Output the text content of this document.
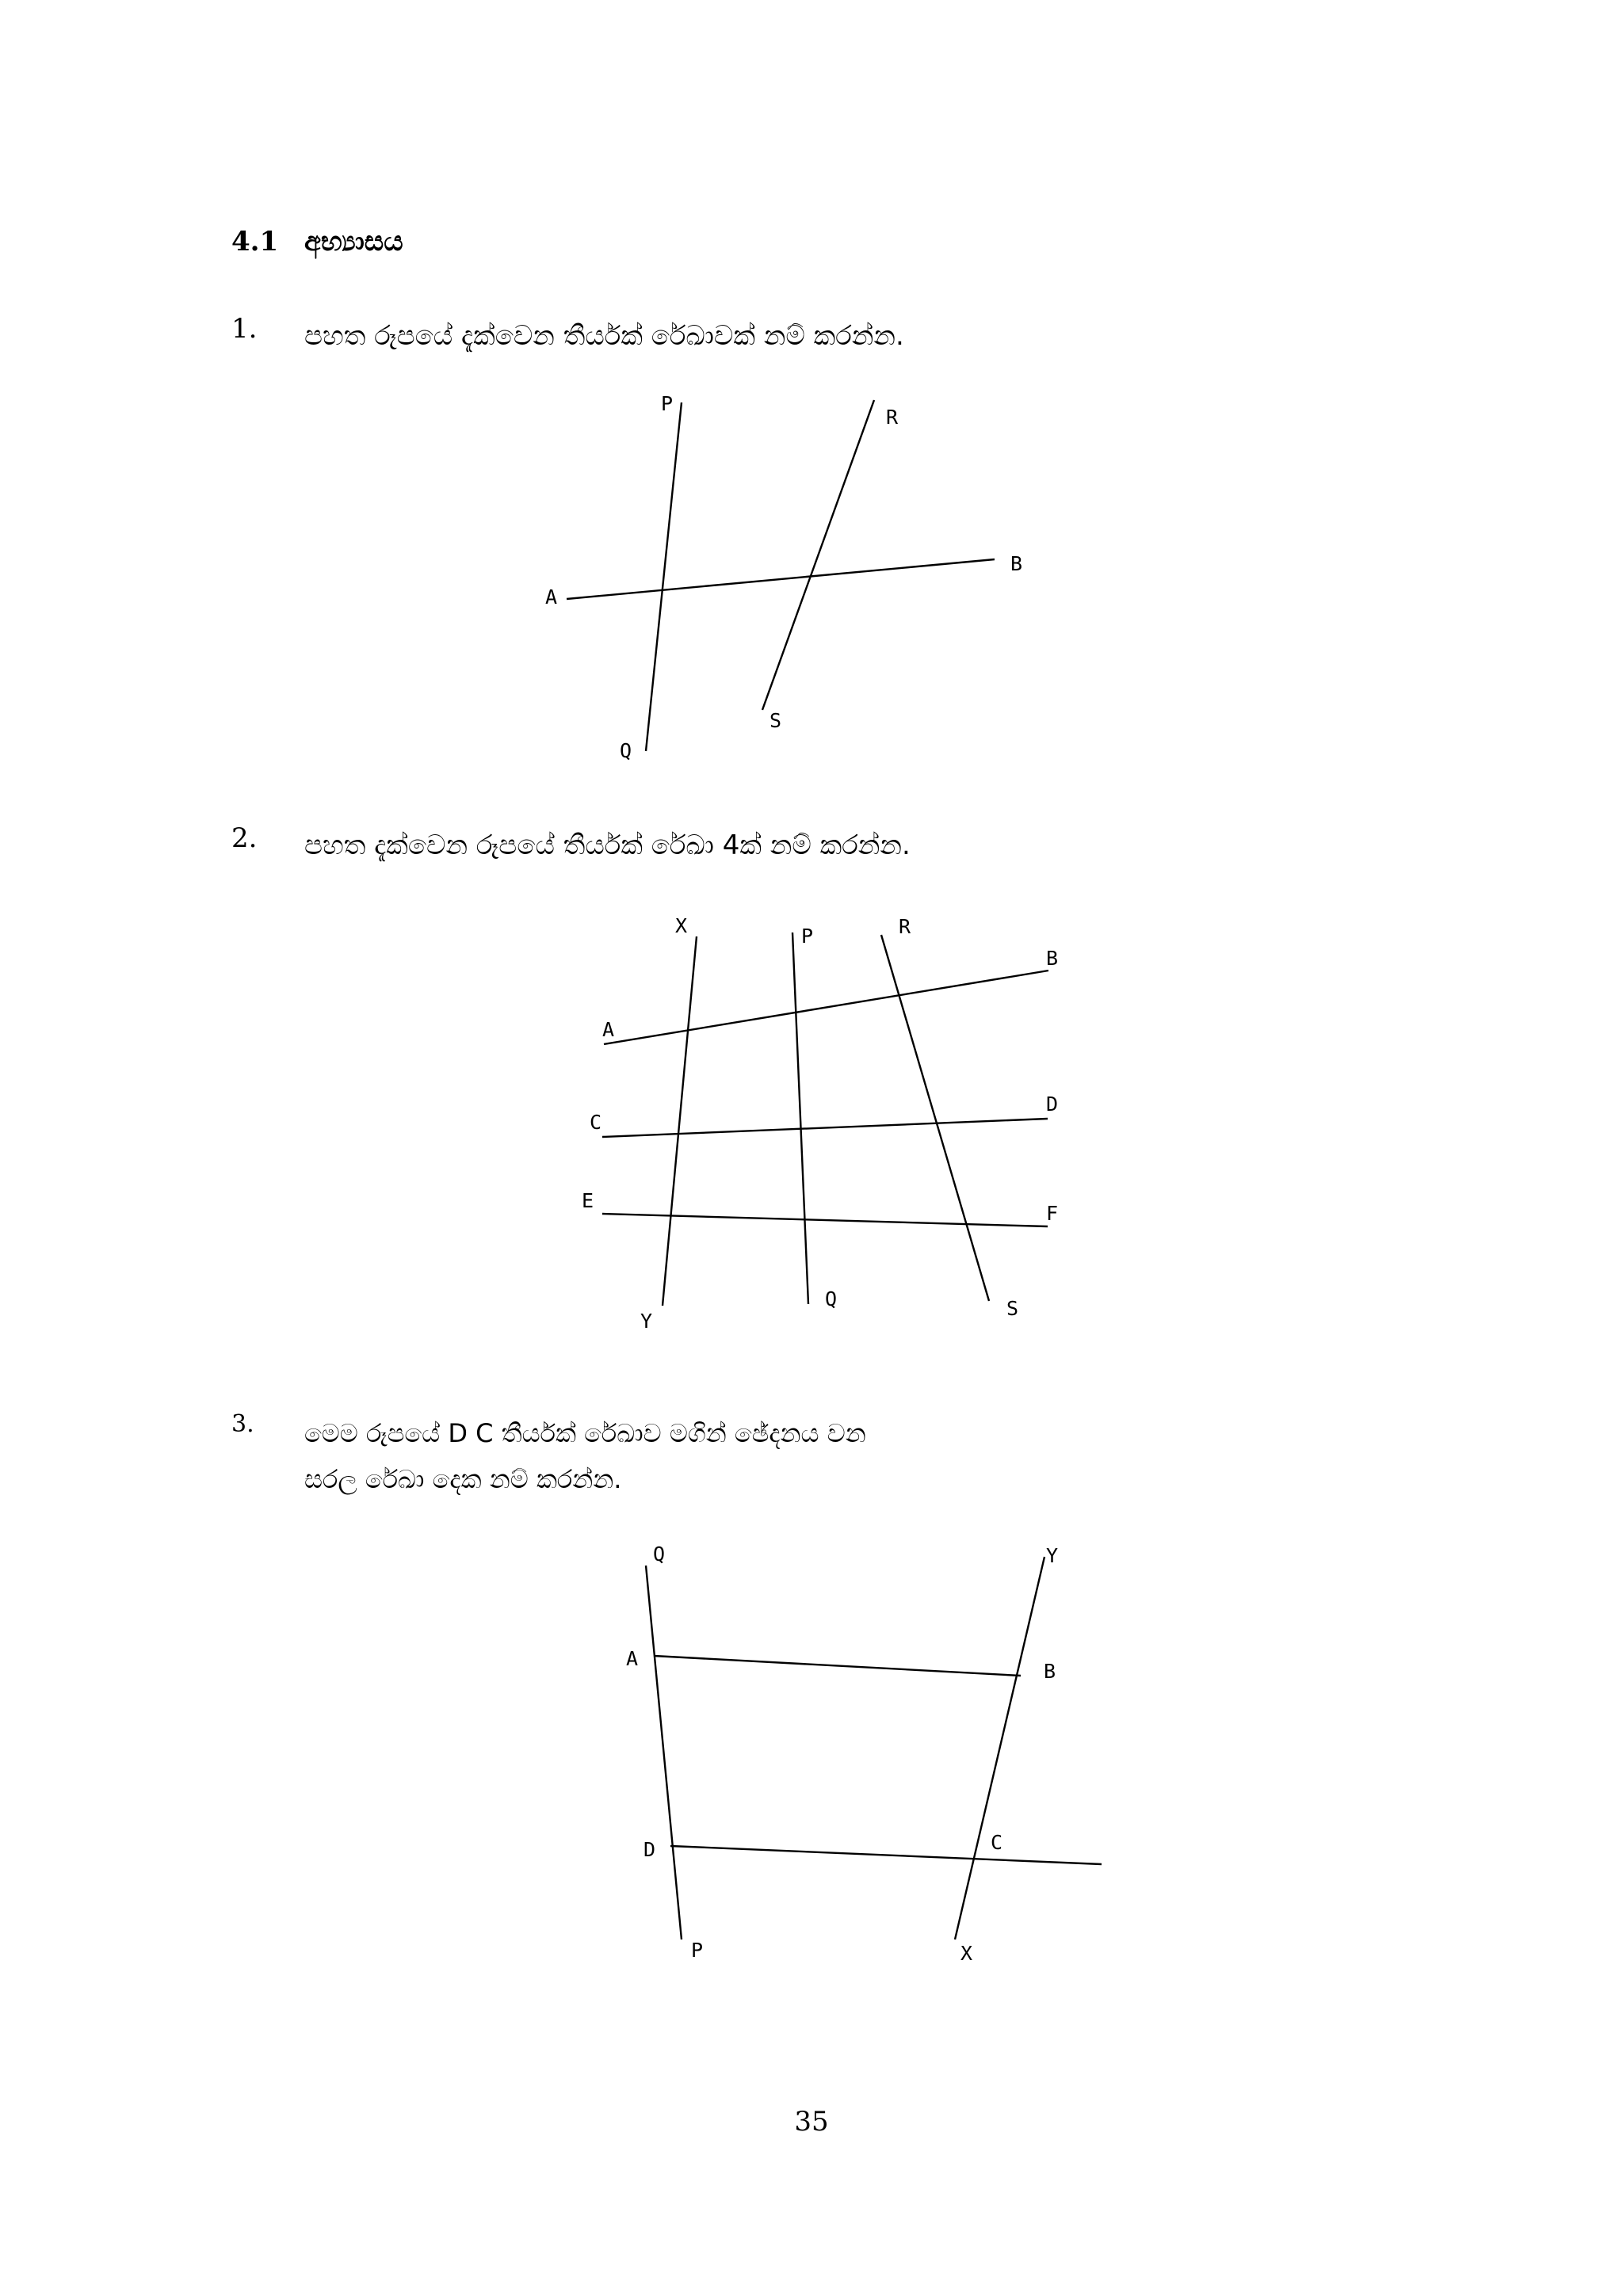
4.1 අභ්‍යාසය
1. පහත රූපයේ දැක්වෙන තීර්යක් රේඛාවක් නම් කරන්න.
2. පහත දැක්වෙන රූපයේ තීර්යක් රේඛා 4ක් නම් කරන්න.
3. මෙම රූපයේ D C තීර්යක් රේඛාව මගින් ඡේදනය වන
සරල රේඛා දෙක නම් කරන්න.
P
R
B
A
S
Q
X	P	R
B
A
D
C
E
F
Q
Y
S
Q	Y
A
B
D	C
P	X
35
